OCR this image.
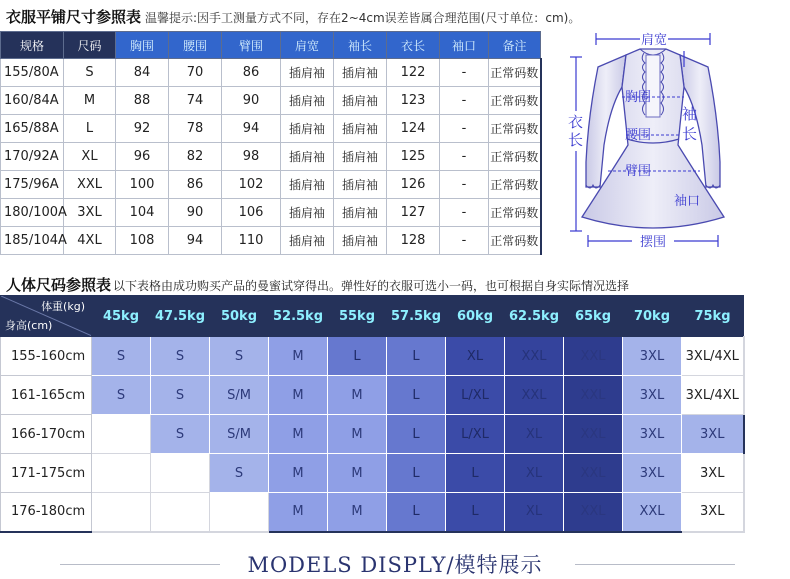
衣服平铺尺寸参照表 温馨提示:因手工测量方式不同，存在2~4cm误差皆属合理范围(尺寸单位：cm)。
规格	尺码	胸围	腰围	臂围	肩宽	袖长	衣长	袖口	备注
155/80A	S	84	70	86	插肩袖	插肩袖	122	-	正常码数
160/84A	M	88	74	90	插肩袖	插肩袖	123	-	正常码数
165/88A	L	92	78	94	插肩袖	插肩袖	124	-	正常码数
170/92A	XL	96	82	98	插肩袖	插肩袖	125	-	正常码数
175/96A	XXL	100	86	102	插肩袖	插肩袖	126	-	正常码数
180/100A	3XL	104	90	106	插肩袖	插肩袖	127	-	正常码数
185/104A	4XL	108	94	110	插肩袖	插肩袖	128	-	正常码数
肩宽
胸围
腰围
臂围
袖长
衣长
袖口
摆围
人体尺码参照表 以下表格由成功购买产品的曼蜜试穿得出。弹性好的衣服可选小一码，也可根据自身实际情况选择
体重(kg)
身高(cm)	45kg	47.5kg	50kg	52.5kg	55kg	57.5kg	60kg	62.5kg	65kg	70kg	75kg
155-160cm	S	S	S	M	L	L	XL	XXL	XXL	3XL	3XL/4XL
161-165cm	S	S	S/M	M	M	L	L/XL	XXL	XXL	3XL	3XL/4XL
166-170cm		S	S/M	M	M	L	L/XL	XL	XXL	3XL	3XL
171-175cm			S	M	M	L	L	XL	XXL	3XL	3XL
176-180cm				M	M	L	L	XL	XXL	XXL	3XL
MODELS DISPLY/模特展示
